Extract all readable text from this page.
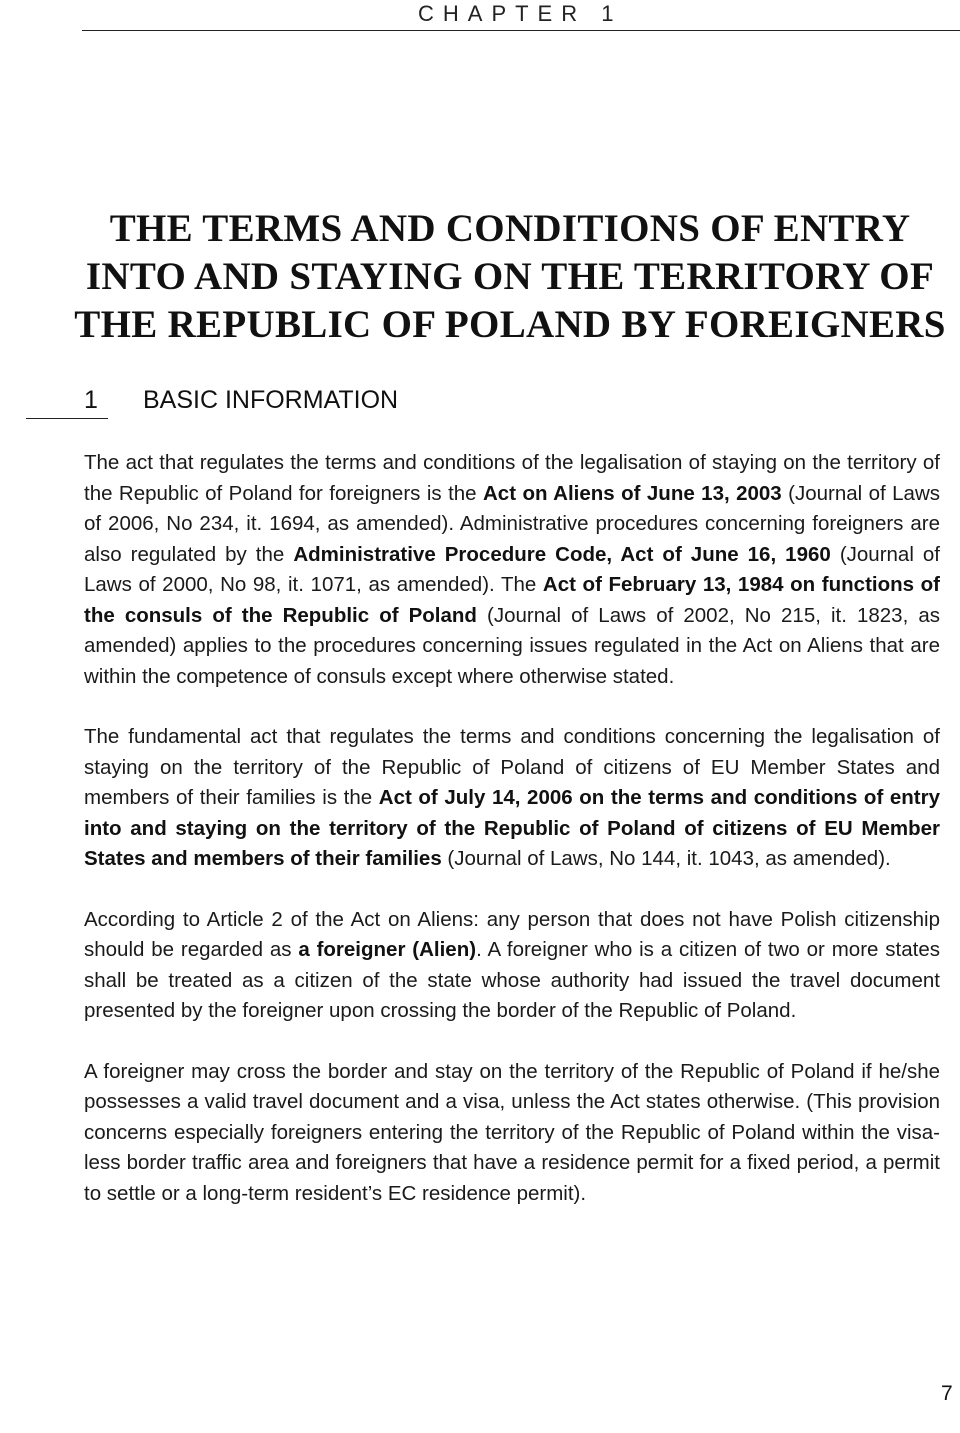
CHAPTER 1
THE TERMS AND CONDITIONS OF ENTRY
INTO AND STAYING ON THE TERRITORY OF
THE REPUBLIC OF POLAND BY FOREIGNERS
1 BASIC INFORMATION

The act that regulates the terms and conditions of the legalisation of staying on the territory of the Republic of Poland for foreigners is the Act on Aliens of June 13, 2003 (Journal of Laws of 2006, No 234, it. 1694, as amended). Administrative procedures concerning foreigners are also regulated by the Administrative Procedure Code, Act of June 16, 1960 (Journal of Laws of 2000, No 98, it. 1071, as amended). The Act of February 13, 1984 on functions of the consuls of the Republic of Poland (Journal of Laws of 2002, No 215, it. 1823, as amended) applies to the procedures concerning issues regulated in the Act on Aliens that are within the competence of consuls except where otherwise stated.

The fundamental act that regulates the terms and conditions concerning the legalisation of staying on the territory of the Republic of Poland of citizens of EU Member States and members of their families is the Act of July 14, 2006 on the terms and conditions of entry into and staying on the territory of the Republic of Poland of citizens of EU Member States and members of their families (Journal of Laws, No 144, it. 1043, as amended).

According to Article 2 of the Act on Aliens: any person that does not have Polish citizenship should be regarded as a foreigner (Alien). A foreigner who is a citizen of two or more states shall be treated as a citizen of the state whose authority had issued the travel document presented by the foreigner upon crossing the border of the Republic of Poland.

A foreigner may cross the border and stay on the territory of the Republic of Poland if he/she possesses a valid travel document and a visa, unless the Act states otherwise. (This provision concerns especially foreigners entering the territory of the Republic of Poland within the visa-less border traffic area and foreigners that have a residence permit for a fixed period, a permit to settle or a long-term resident’s EC residence permit).

7
